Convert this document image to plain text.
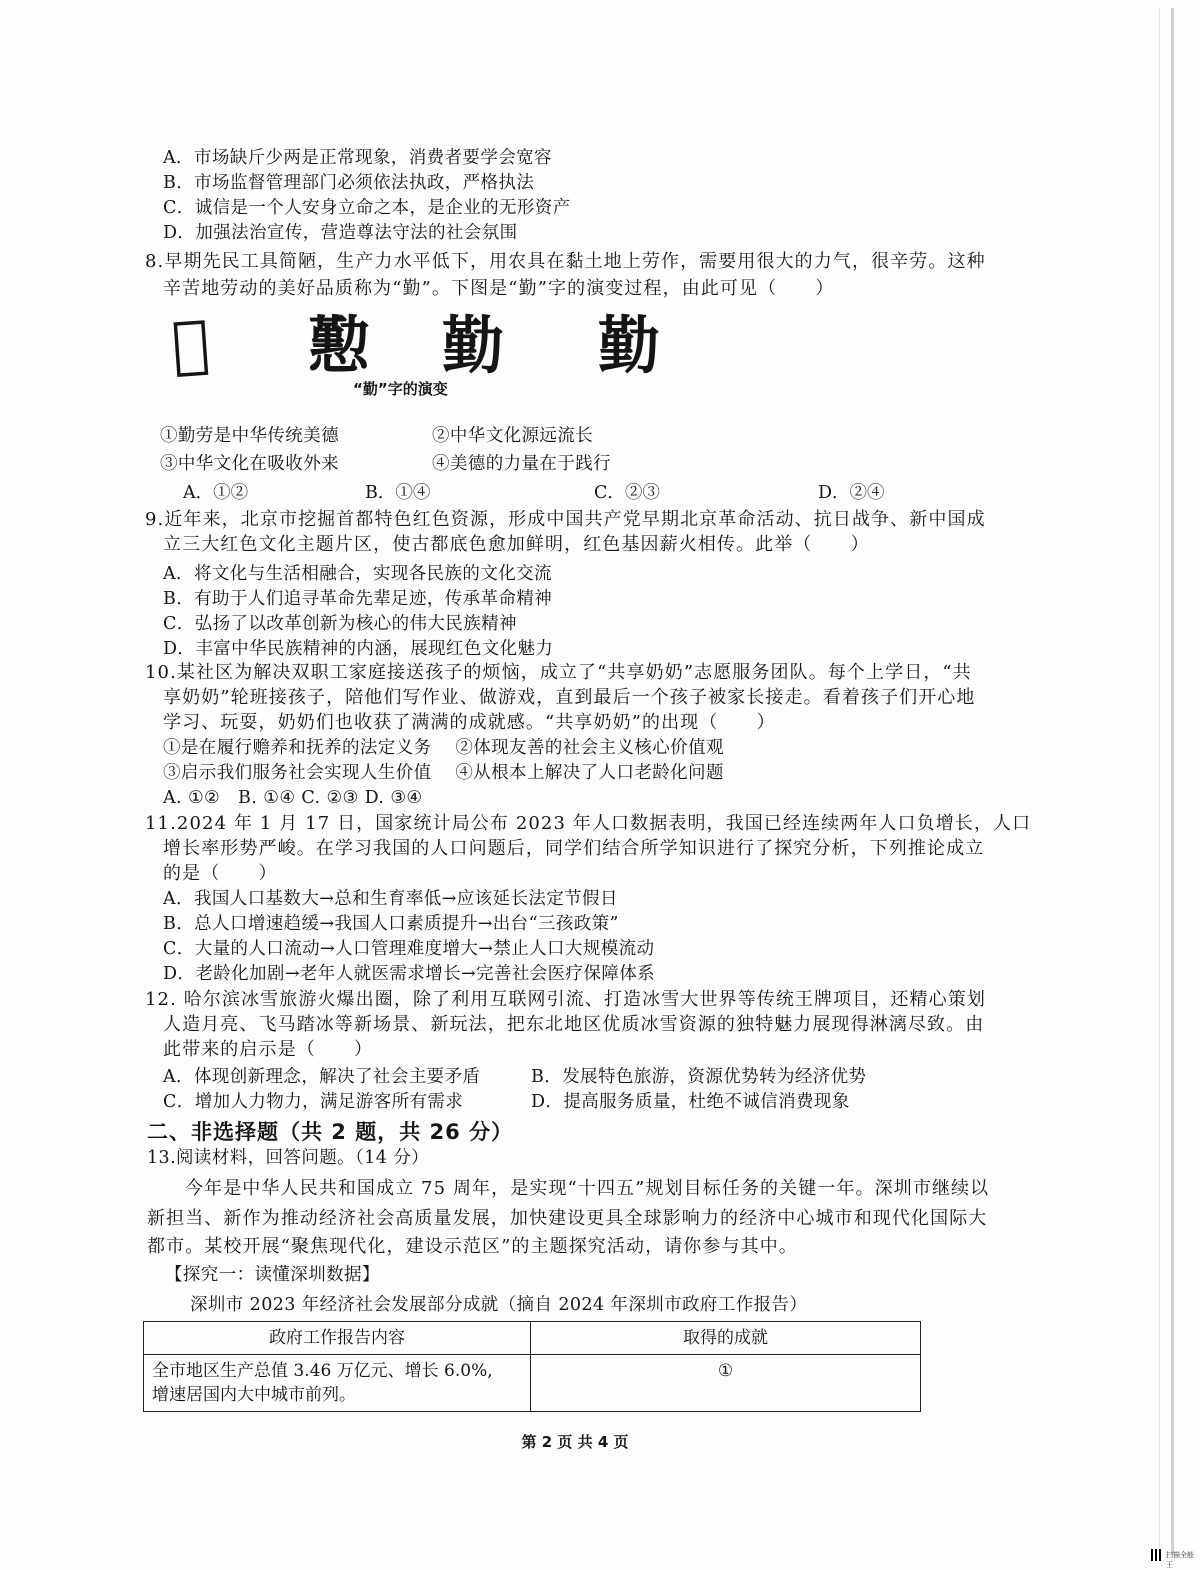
A．市场缺斤少两是正常现象，消费者要学会宽容
B．市场监督管理部门必须依法执政，严格执法
C．诚信是一个人安身立命之本，是企业的无形资产
D．加强法治宣传，营造尊法守法的社会氛围
8.早期先民工具简陋，生产力水平低下，用农具在黏土地上劳作，需要用很大的力气，很辛劳。这种
辛苦地劳动的美好品质称为“勤”。下图是“勤”字的演变过程，由此可见（　　）
𠡦 懃 勤 勤
“勤”字的演变
①勤劳是中华传统美德	②中华文化源远流长
③中华文化在吸收外来	④美德的力量在于践行
A．①②	B．①④	C．②③	D．②④
9.近年来，北京市挖掘首都特色红色资源，形成中国共产党早期北京革命活动、抗日战争、新中国成
立三大红色文化主题片区，使古都底色愈加鲜明，红色基因薪火相传。此举（　　）
A．将文化与生活相融合，实现各民族的文化交流
B．有助于人们追寻革命先辈足迹，传承革命精神
C．弘扬了以改革创新为核心的伟大民族精神
D．丰富中华民族精神的内涵，展现红色文化魅力
10.某社区为解决双职工家庭接送孩子的烦恼，成立了“共享奶奶”志愿服务团队。每个上学日，“共
享奶奶”轮班接孩子，陪他们写作业、做游戏，直到最后一个孩子被家长接走。看着孩子们开心地
学习、玩耍，奶奶们也收获了满满的成就感。“共享奶奶”的出现（　　）
①是在履行赡养和抚养的法定义务　 ②体现友善的社会主义核心价值观
③启示我们服务社会实现人生价值　 ④从根本上解决了人口老龄化问题
A. ①②　B. ①④ C. ②③ D. ③④
11.2024 年 1 月 17 日，国家统计局公布 2023 年人口数据表明，我国已经连续两年人口负增长，人口
增长率形势严峻。在学习我国的人口问题后，同学们结合所学知识进行了探究分析，下列推论成立
的是（　　）
A．我国人口基数大→总和生育率低→应该延长法定节假日
B．总人口增速趋缓→我国人口素质提升→出台“三孩政策”
C．大量的人口流动→人口管理难度增大→禁止人口大规模流动
D．老龄化加剧→老年人就医需求增长→完善社会医疗保障体系
12. 哈尔滨冰雪旅游火爆出圈，除了利用互联网引流、打造冰雪大世界等传统王牌项目，还精心策划
人造月亮、飞马踏冰等新场景、新玩法，把东北地区优质冰雪资源的独特魅力展现得淋漓尽致。由
此带来的启示是（　　）
A．体现创新理念，解决了社会主要矛盾	B．发展特色旅游，资源优势转为经济优势
C．增加人力物力，满足游客所有需求	D．提高服务质量，杜绝不诚信消费现象
二、非选择题（共 2 题，共 26 分）
13.阅读材料，回答问题。（14 分）
今年是中华人民共和国成立 75 周年，是实现“十四五”规划目标任务的关键一年。深圳市继续以
新担当、新作为推动经济社会高质量发展，加快建设更具全球影响力的经济中心城市和现代化国际大
都市。某校开展“聚焦现代化，建设示范区”的主题探究活动，请你参与其中。
【探究一：读懂深圳数据】
深圳市 2023 年经济社会发展部分成就（摘自 2024 年深圳市政府工作报告）
政府工作报告内容	取得的成就

全市地区生产总值 3.46 万亿元、增长 6.0%,
增速居国内大中城市前列。	①
第 2 页 共 4 页
扫描全能王
